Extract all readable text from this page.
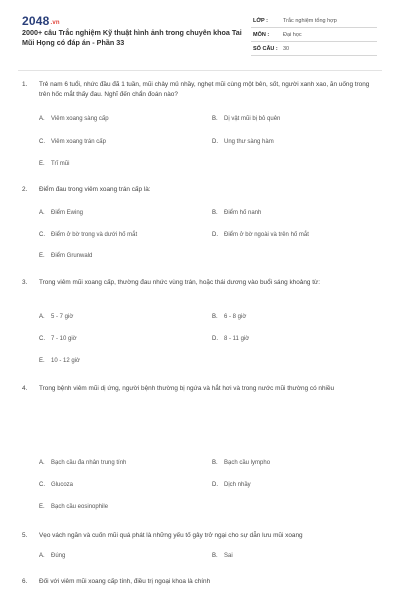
2048.vn
2000+ câu Trắc nghiệm Kỹ thuật hình ảnh trong chuyên khoa Tai Mũi Họng có đáp án - Phần 33
LỚP :	Trắc nghiệm tổng hợp
MÔN :	Đại học
SỐ CÂU : 30
1. Trẻ nam 6 tuổi, nhức đầu đã 1 tuần, mũi chảy mủ nhầy, nghẹt mũi cùng một bên, sốt, người xanh xao, ăn uống trong trên hốc mắt thấy đau. Nghĩ đến chẩn đoán nào?
A. Viêm xoang sàng cấp	B. Dị vật mũi bị bỏ quên
C. Viêm xoang trán cấp	D. Ung thư sàng hàm
E. Trĩ mũi
2. Điểm đau trong viêm xoang trán cấp là:
A. Điểm Ewing	B. Điểm hố nanh
C. Điểm ở bờ trong và dưới hố mắt	D. Điểm ở bờ ngoài và trên hố mắt
E. Điểm Grunwald
3. Trong viêm mũi xoang cấp, thường đau nhức vùng trán, hoặc thái dương vào buổi sáng khoảng từ:
A. 5 - 7 giờ	B. 6 - 8 giờ
C. 7 - 10 giờ	D. 8 - 11 giờ
E. 10 - 12 giờ
4. Trong bệnh viêm mũi dị ứng, người bệnh thường bị ngứa và hắt hơi và trong nước mũi thường có nhiều
A. Bạch cầu đa nhân trung tính	B. Bạch cầu lympho
C. Glucoza	D. Dịch nhầy
E. Bạch cầu eosinophile
5. Vẹo vách ngăn và cuốn mũi quá phát là những yếu tố gây trở ngại cho sự dẫn lưu mũi xoang
A. Đúng	B. Sai
6. Đối với viêm mũi xoang cấp tính, điều trị ngoại khoa là chính
